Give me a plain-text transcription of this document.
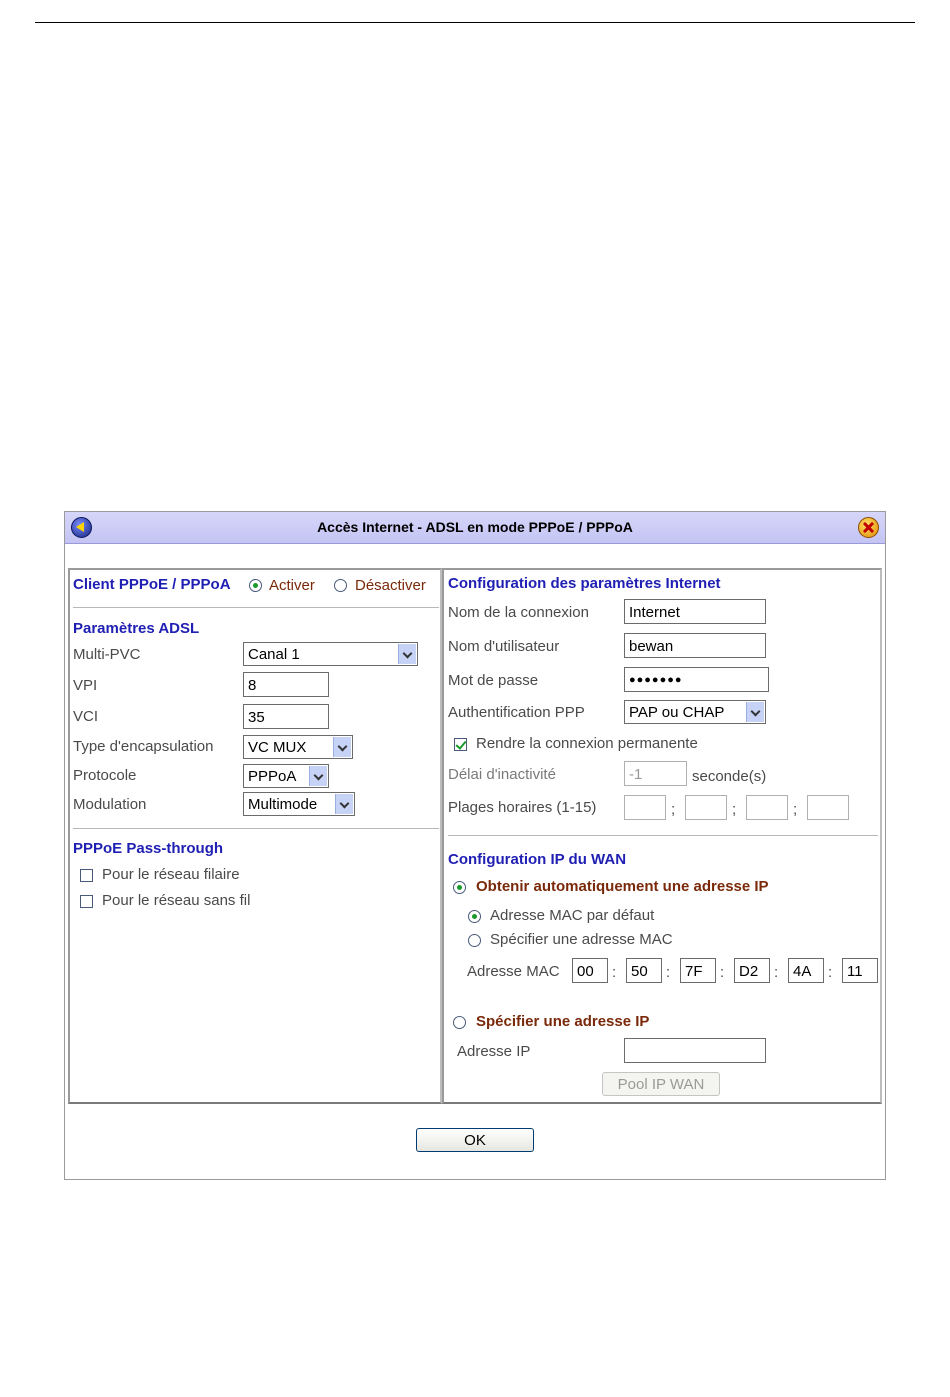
Accès Internet - ADSL en mode PPPoE / PPPoA
Client PPPoE / PPPoA	Activer	Désactiver
Paramètres ADSL
Multi-PVC	Canal 1
VPI	8
VCI	35
Type d'encapsulation	VC MUX
Protocole	PPPoA
Modulation	Multimode
PPPoE Pass-through
Pour le réseau filaire
Pour le réseau sans fil
Configuration des paramètres Internet
Nom de la connexion	Internet
Nom d'utilisateur	bewan
Mot de passe	●●●●●●●
Authentification PPP	PAP ou CHAP
Rendre la connexion permanente
Délai d'inactivité	-1	seconde(s)
Plages horaires (1-15)	;	;	;
Configuration IP du WAN
Obtenir automatiquement une adresse IP
Adresse MAC par défaut
Spécifier une adresse MAC
Adresse MAC	00	: 50	: 7F	: D2	: 4A	: 11
Spécifier une adresse IP
Adresse IP
Pool IP WAN
OK
